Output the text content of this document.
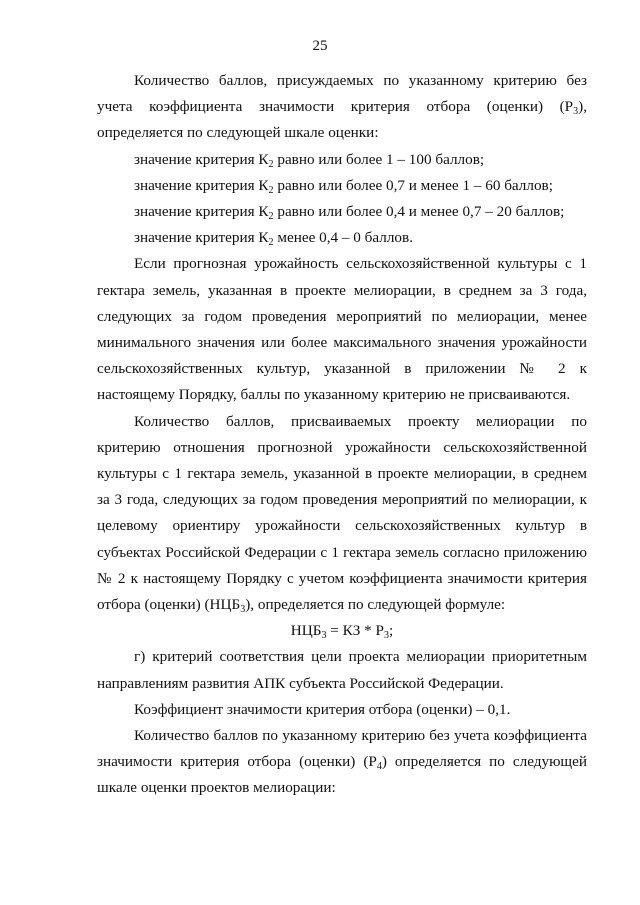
25

Количество баллов, присуждаемых по указанному критерию без учета коэффициента значимости критерия отбора (оценки) $(Р_3)$, определяется по следующей шкале оценки:

значение критерия $К_2$ равно или более 1 – 100 баллов;

значение критерия $К_2$ равно или более 0,7 и менее 1 – 60 баллов;

значение критерия $К_2$ равно или более 0,4 и менее 0,7 – 20 баллов;

значение критерия $К_2$ менее 0,4 – 0 баллов.

Если прогнозная урожайность сельскохозяйственной культуры с 1 гектара земель, указанная в проекте мелиорации, в среднем за 3 года, следующих за годом проведения мероприятий по мелиорации, менее минимального значения или более максимального значения урожайности сельскохозяйственных культур, указанной в приложении № 2 к настоящему Порядку, баллы по указанному критерию не присваиваются.

Количество баллов, присваиваемых проекту мелиорации по критерию отношения прогнозной урожайности сельскохозяйственной культуры с 1 гектара земель, указанной в проекте мелиорации, в среднем за 3 года, следующих за годом проведения мероприятий по мелиорации, к целевому ориентиру урожайности сельскохозяйственных культур в субъектах Российской Федерации с 1 гектара земель согласно приложению № 2 к настоящему Порядку с учетом коэффициента значимости критерия отбора (оценки) $(НЦБ_3)$, определяется по следующей формуле:

$НЦБ_3$ = КЗ * $Р_3$;

г) критерий соответствия цели проекта мелиорации приоритетным направлениям развития АПК субъекта Российской Федерации.

Коэффициент значимости критерия отбора (оценки) – 0,1.

Количество баллов по указанному критерию без учета коэффициента значимости критерия отбора (оценки) $(Р_4)$ определяется по следующей шкале оценки проектов мелиорации:
